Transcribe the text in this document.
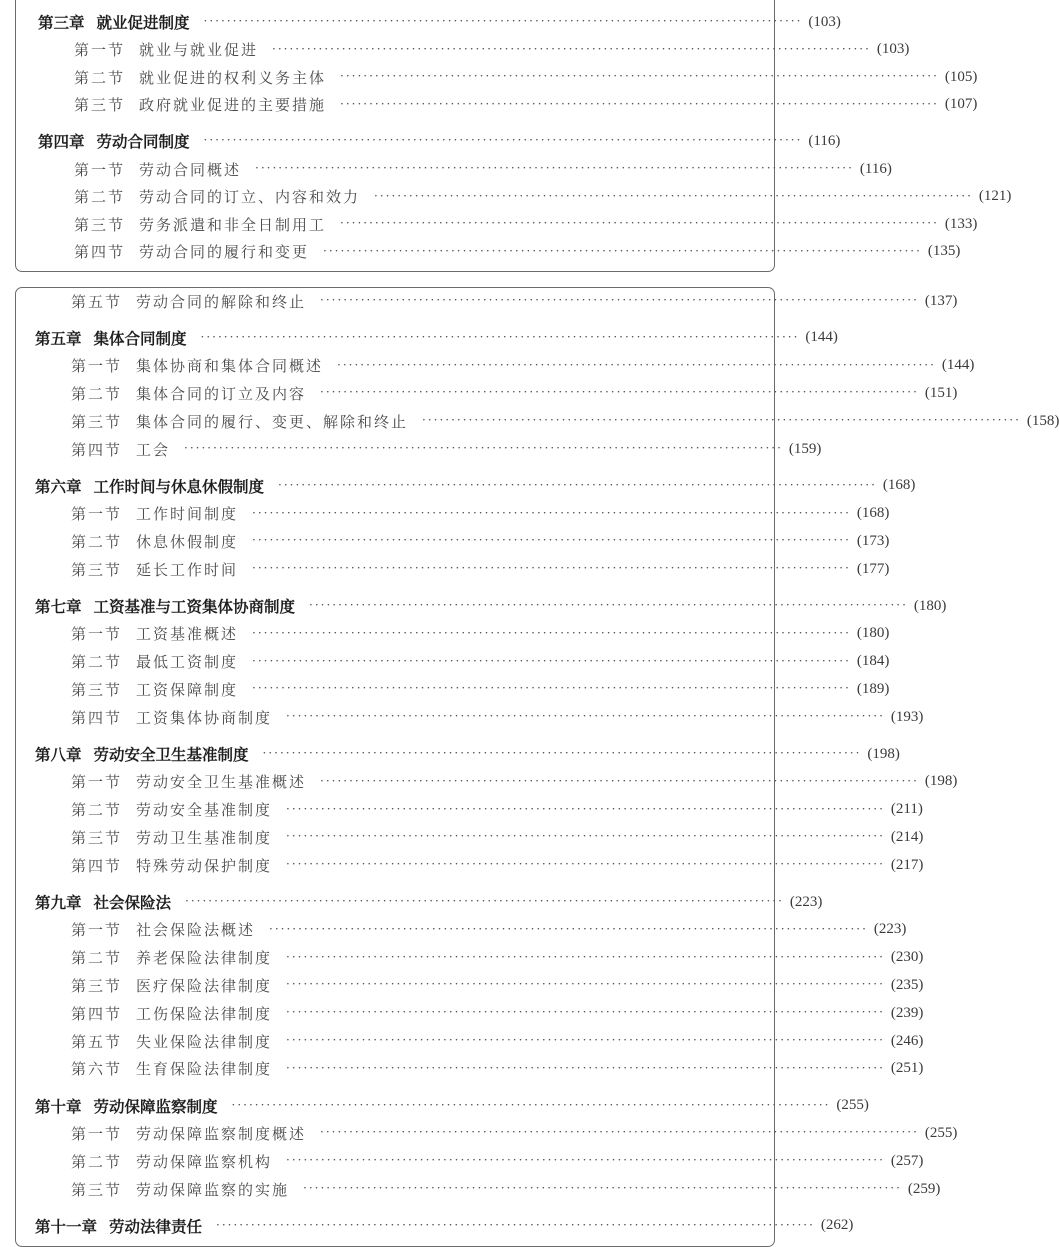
第三章 就业促进制度 ······································································································· (103)
第一节 就业与就业促进 ······································································································· (103)
第二节 就业促进的权利义务主体 ······································································································· (105)
第三节 政府就业促进的主要措施 ······································································································· (107)
第四章 劳动合同制度 ······································································································· (116)
第一节 劳动合同概述 ······································································································· (116)
第二节 劳动合同的订立、内容和效力 ······································································································· (121)
第三节 劳务派遣和非全日制用工 ······································································································· (133)
第四节 劳动合同的履行和变更 ······································································································· (135)
第五节 劳动合同的解除和终止 ······································································································· (137)
第五章 集体合同制度 ······································································································· (144)
第一节 集体协商和集体合同概述 ······································································································· (144)
第二节 集体合同的订立及内容 ······································································································· (151)
第三节 集体合同的履行、变更、解除和终止 ······································································································· (158)
第四节 工会 ······································································································· (159)
第六章 工作时间与休息休假制度 ······································································································· (168)
第一节 工作时间制度 ······································································································· (168)
第二节 休息休假制度 ······································································································· (173)
第三节 延长工作时间 ······································································································· (177)
第七章 工资基准与工资集体协商制度 ······································································································· (180)
第一节 工资基准概述 ······································································································· (180)
第二节 最低工资制度 ······································································································· (184)
第三节 工资保障制度 ······································································································· (189)
第四节 工资集体协商制度 ······································································································· (193)
第八章 劳动安全卫生基准制度 ······································································································· (198)
第一节 劳动安全卫生基准概述 ······································································································· (198)
第二节 劳动安全基准制度 ······································································································· (211)
第三节 劳动卫生基准制度 ······································································································· (214)
第四节 特殊劳动保护制度 ······································································································· (217)
第九章 社会保险法 ······································································································· (223)
第一节 社会保险法概述 ······································································································· (223)
第二节 养老保险法律制度 ······································································································· (230)
第三节 医疗保险法律制度 ······································································································· (235)
第四节 工伤保险法律制度 ······································································································· (239)
第五节 失业保险法律制度 ······································································································· (246)
第六节 生育保险法律制度 ······································································································· (251)
第十章 劳动保障监察制度 ······································································································· (255)
第一节 劳动保障监察制度概述 ······································································································· (255)
第二节 劳动保障监察机构 ······································································································· (257)
第三节 劳动保障监察的实施 ······································································································· (259)
第十一章 劳动法律责任 ······································································································· (262)
